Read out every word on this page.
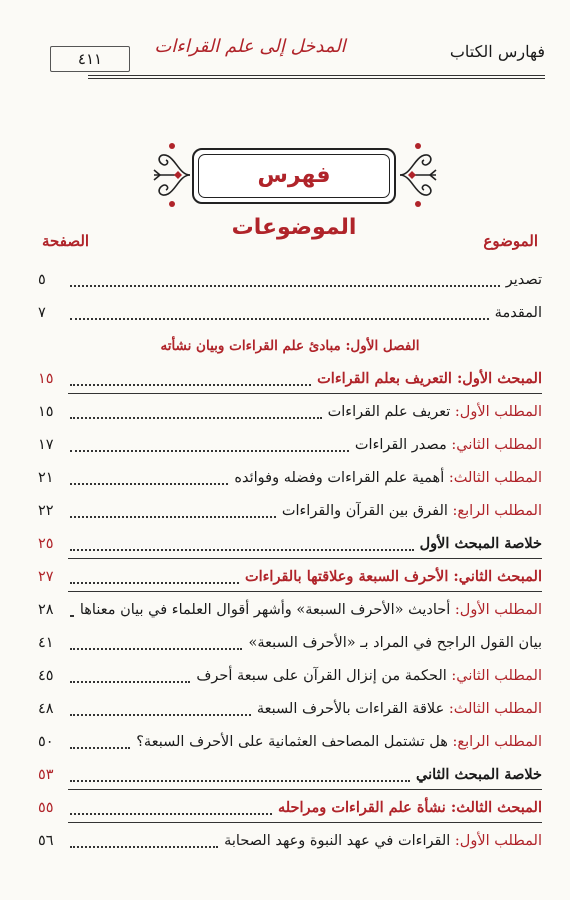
٤١١
المدخل إلى علم القراءات	فهارس الكتاب
فهرس الموضوعات
الموضوع
الصفحة
تصدير
٥
المقدمة
٧
الفصل الأول: مبادئ علم القراءات وبيان نشأته
المبحث الأول: التعريف بعلم القراءات
١٥
المطلب الأول: تعريف علم القراءات
١٥
المطلب الثاني: مصدر القراءات
١٧
المطلب الثالث: أهمية علم القراءات وفضله وفوائده
٢١
المطلب الرابع: الفرق بين القرآن والقراءات
٢٢
خلاصة المبحث الأول
٢٥
المبحث الثاني: الأحرف السبعة وعلاقتها بالقراءات
٢٧
المطلب الأول: أحاديث «الأحرف السبعة» وأشهر أقوال العلماء في بيان معناها
٢٨
بيان القول الراجح في المراد بـ «الأحرف السبعة»
٤١
المطلب الثاني: الحكمة من إنزال القرآن على سبعة أحرف
٤٥
المطلب الثالث: علاقة القراءات بالأحرف السبعة
٤٨
المطلب الرابع: هل تشتمل المصاحف العثمانية على الأحرف السبعة؟
٥٠
خلاصة المبحث الثاني
٥٣
المبحث الثالث: نشأة علم القراءات ومراحله
٥٥
المطلب الأول: القراءات في عهد النبوة وعهد الصحابة
٥٦
